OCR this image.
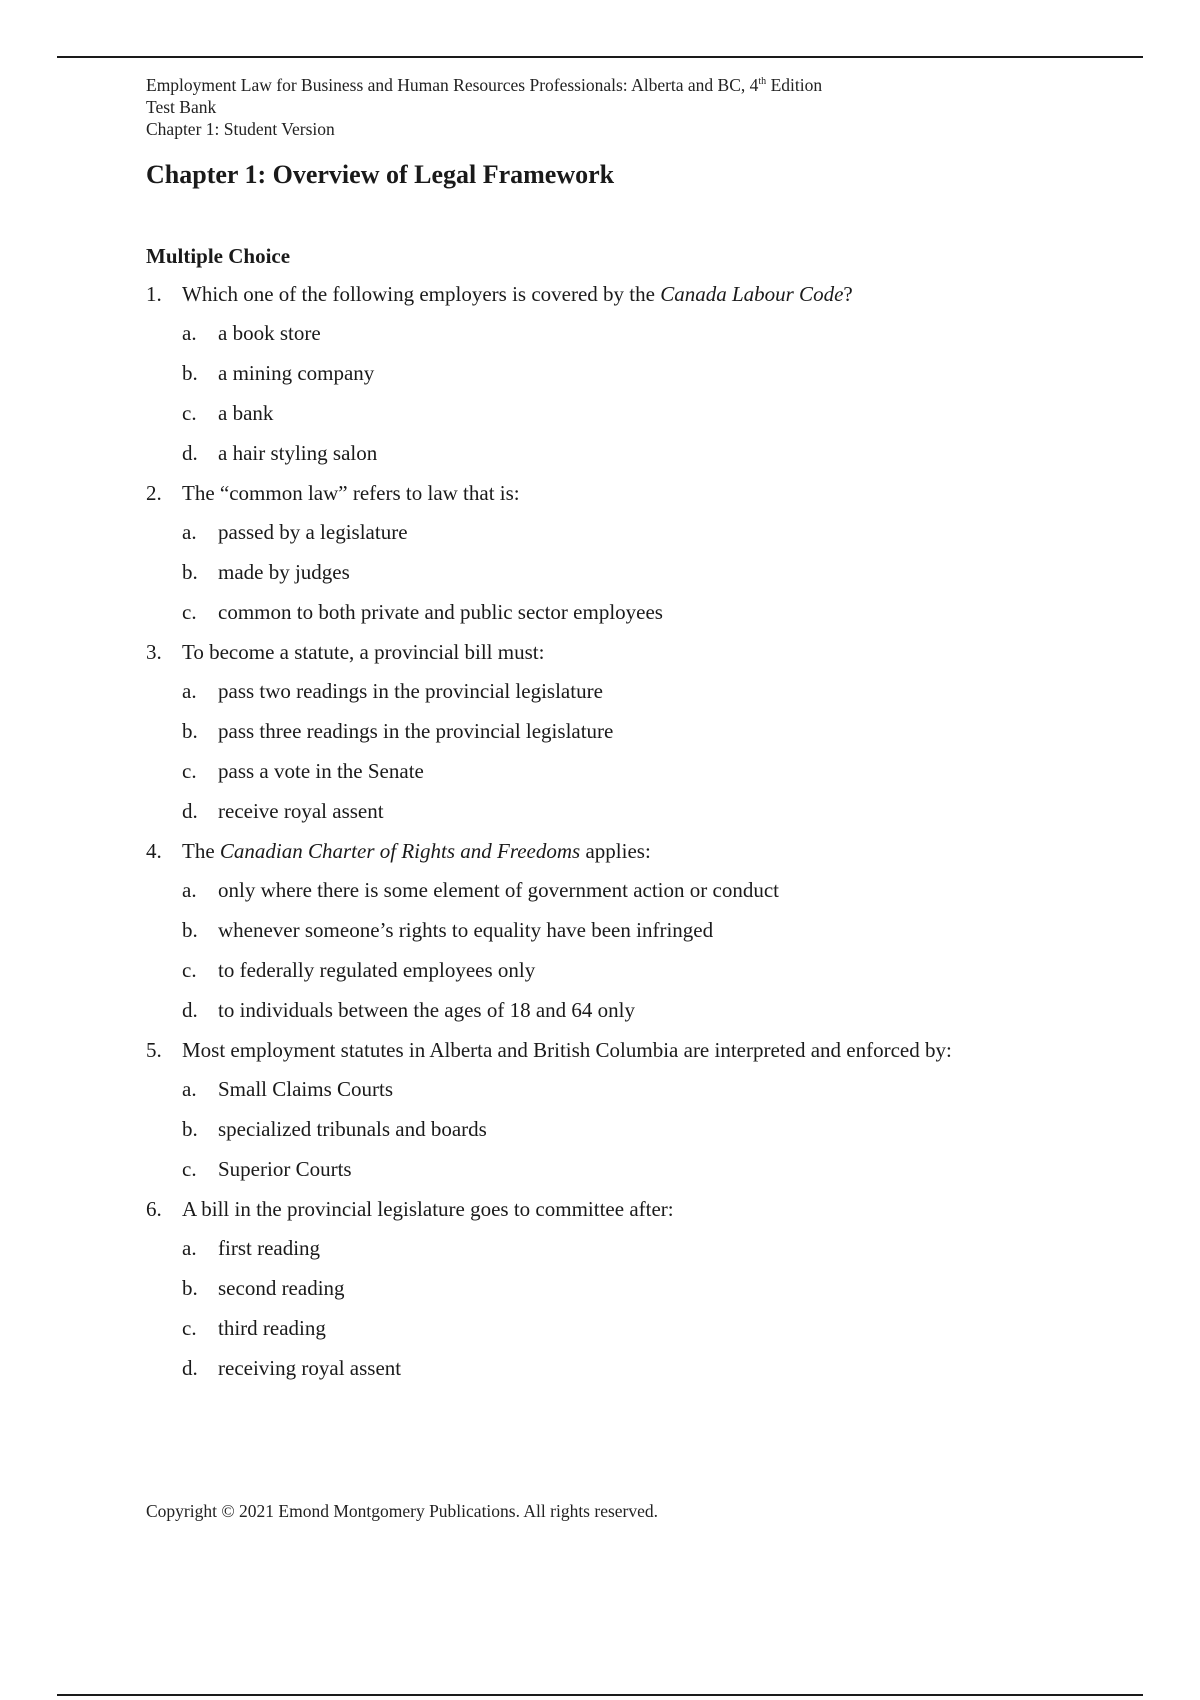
Employment Law for Business and Human Resources Professionals: Alberta and BC, 4th Edition
Test Bank
Chapter 1: Student Version
Chapter 1: Overview of Legal Framework
Multiple Choice
1. Which one of the following employers is covered by the Canada Labour Code?
a.	a book store
b. a mining company
c.	a bank
d. a hair styling salon
2. The “common law” refers to law that is:
a.	passed by a legislature
b. made by judges
c.	common to both private and public sector employees
3. To become a statute, a provincial bill must:
a.	pass two readings in the provincial legislature
b. pass three readings in the provincial legislature
c.	pass a vote in the Senate
d. receive royal assent
4. The Canadian Charter of Rights and Freedoms applies:
a.	only where there is some element of government action or conduct
b. whenever someone’s rights to equality have been infringed
c.	to federally regulated employees only
d. to individuals between the ages of 18 and 64 only
5. Most employment statutes in Alberta and British Columbia are interpreted and enforced by:
a.	Small Claims Courts
b. specialized tribunals and boards
c.	Superior Courts
6. A bill in the provincial legislature goes to committee after:
a.	first reading
b. second reading
c.	third reading
d. receiving royal assent
Copyright © 2021 Emond Montgomery Publications. All rights reserved.
